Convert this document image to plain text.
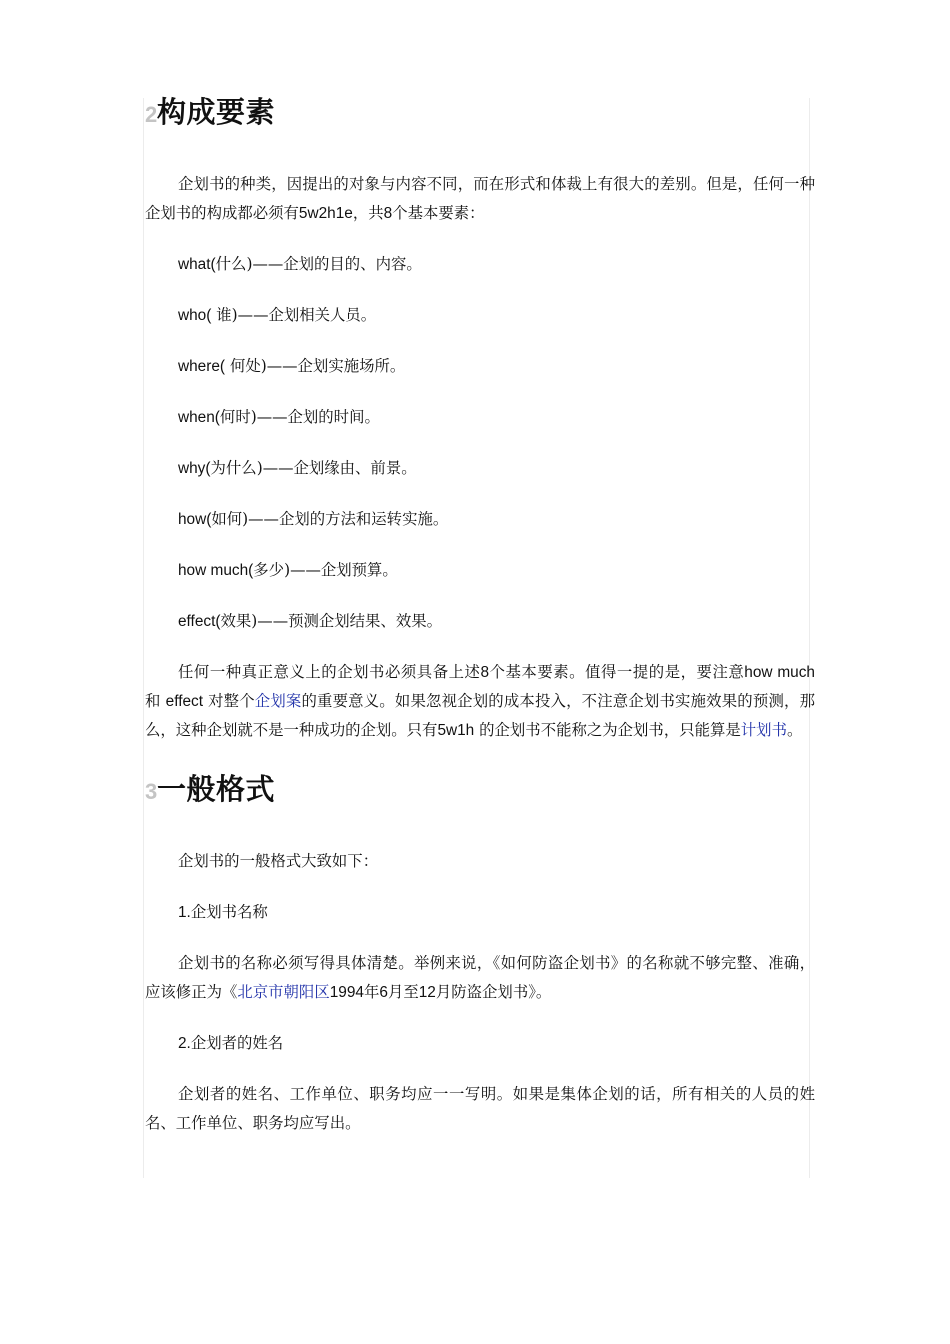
2 构成要素

企划书的种类，因提出的对象与内容不同，而在形式和体裁上有很大的差别。但是，任何一种企划书的构成都必须有5w2h1e，共8个基本要素：

what(什么)——企划的目的、内容。

who( 谁)——企划相关人员。

where( 何处)——企划实施场所。

when(何时)——企划的时间。

why(为什么)——企划缘由、前景。

how(如何)——企划的方法和运转实施。

how much(多少)——企划预算。

effect(效果)——预测企划结果、效果。

任何一种真正意义上的企划书必须具备上述8个基本要素。值得一提的是，要注意how much 和 effect 对整个企划案的重要意义。如果忽视企划的成本投入，不注意企划书实施效果的预测，那么，这种企划就不是一种成功的企划。只有5w1h 的企划书不能称之为企划书，只能算是计划书。

3 一般格式

企划书的一般格式大致如下：

1.企划书名称

企划书的名称必须写得具体清楚。举例来说，《如何防盗企划书》的名称就不够完整、准确，应该修正为《北京市朝阳区1994年6月至12月防盗企划书》。

2.企划者的姓名

企划者的姓名、工作单位、职务均应一一写明。如果是集体企划的话，所有相关的人员的姓名、工作单位、职务均应写出。
